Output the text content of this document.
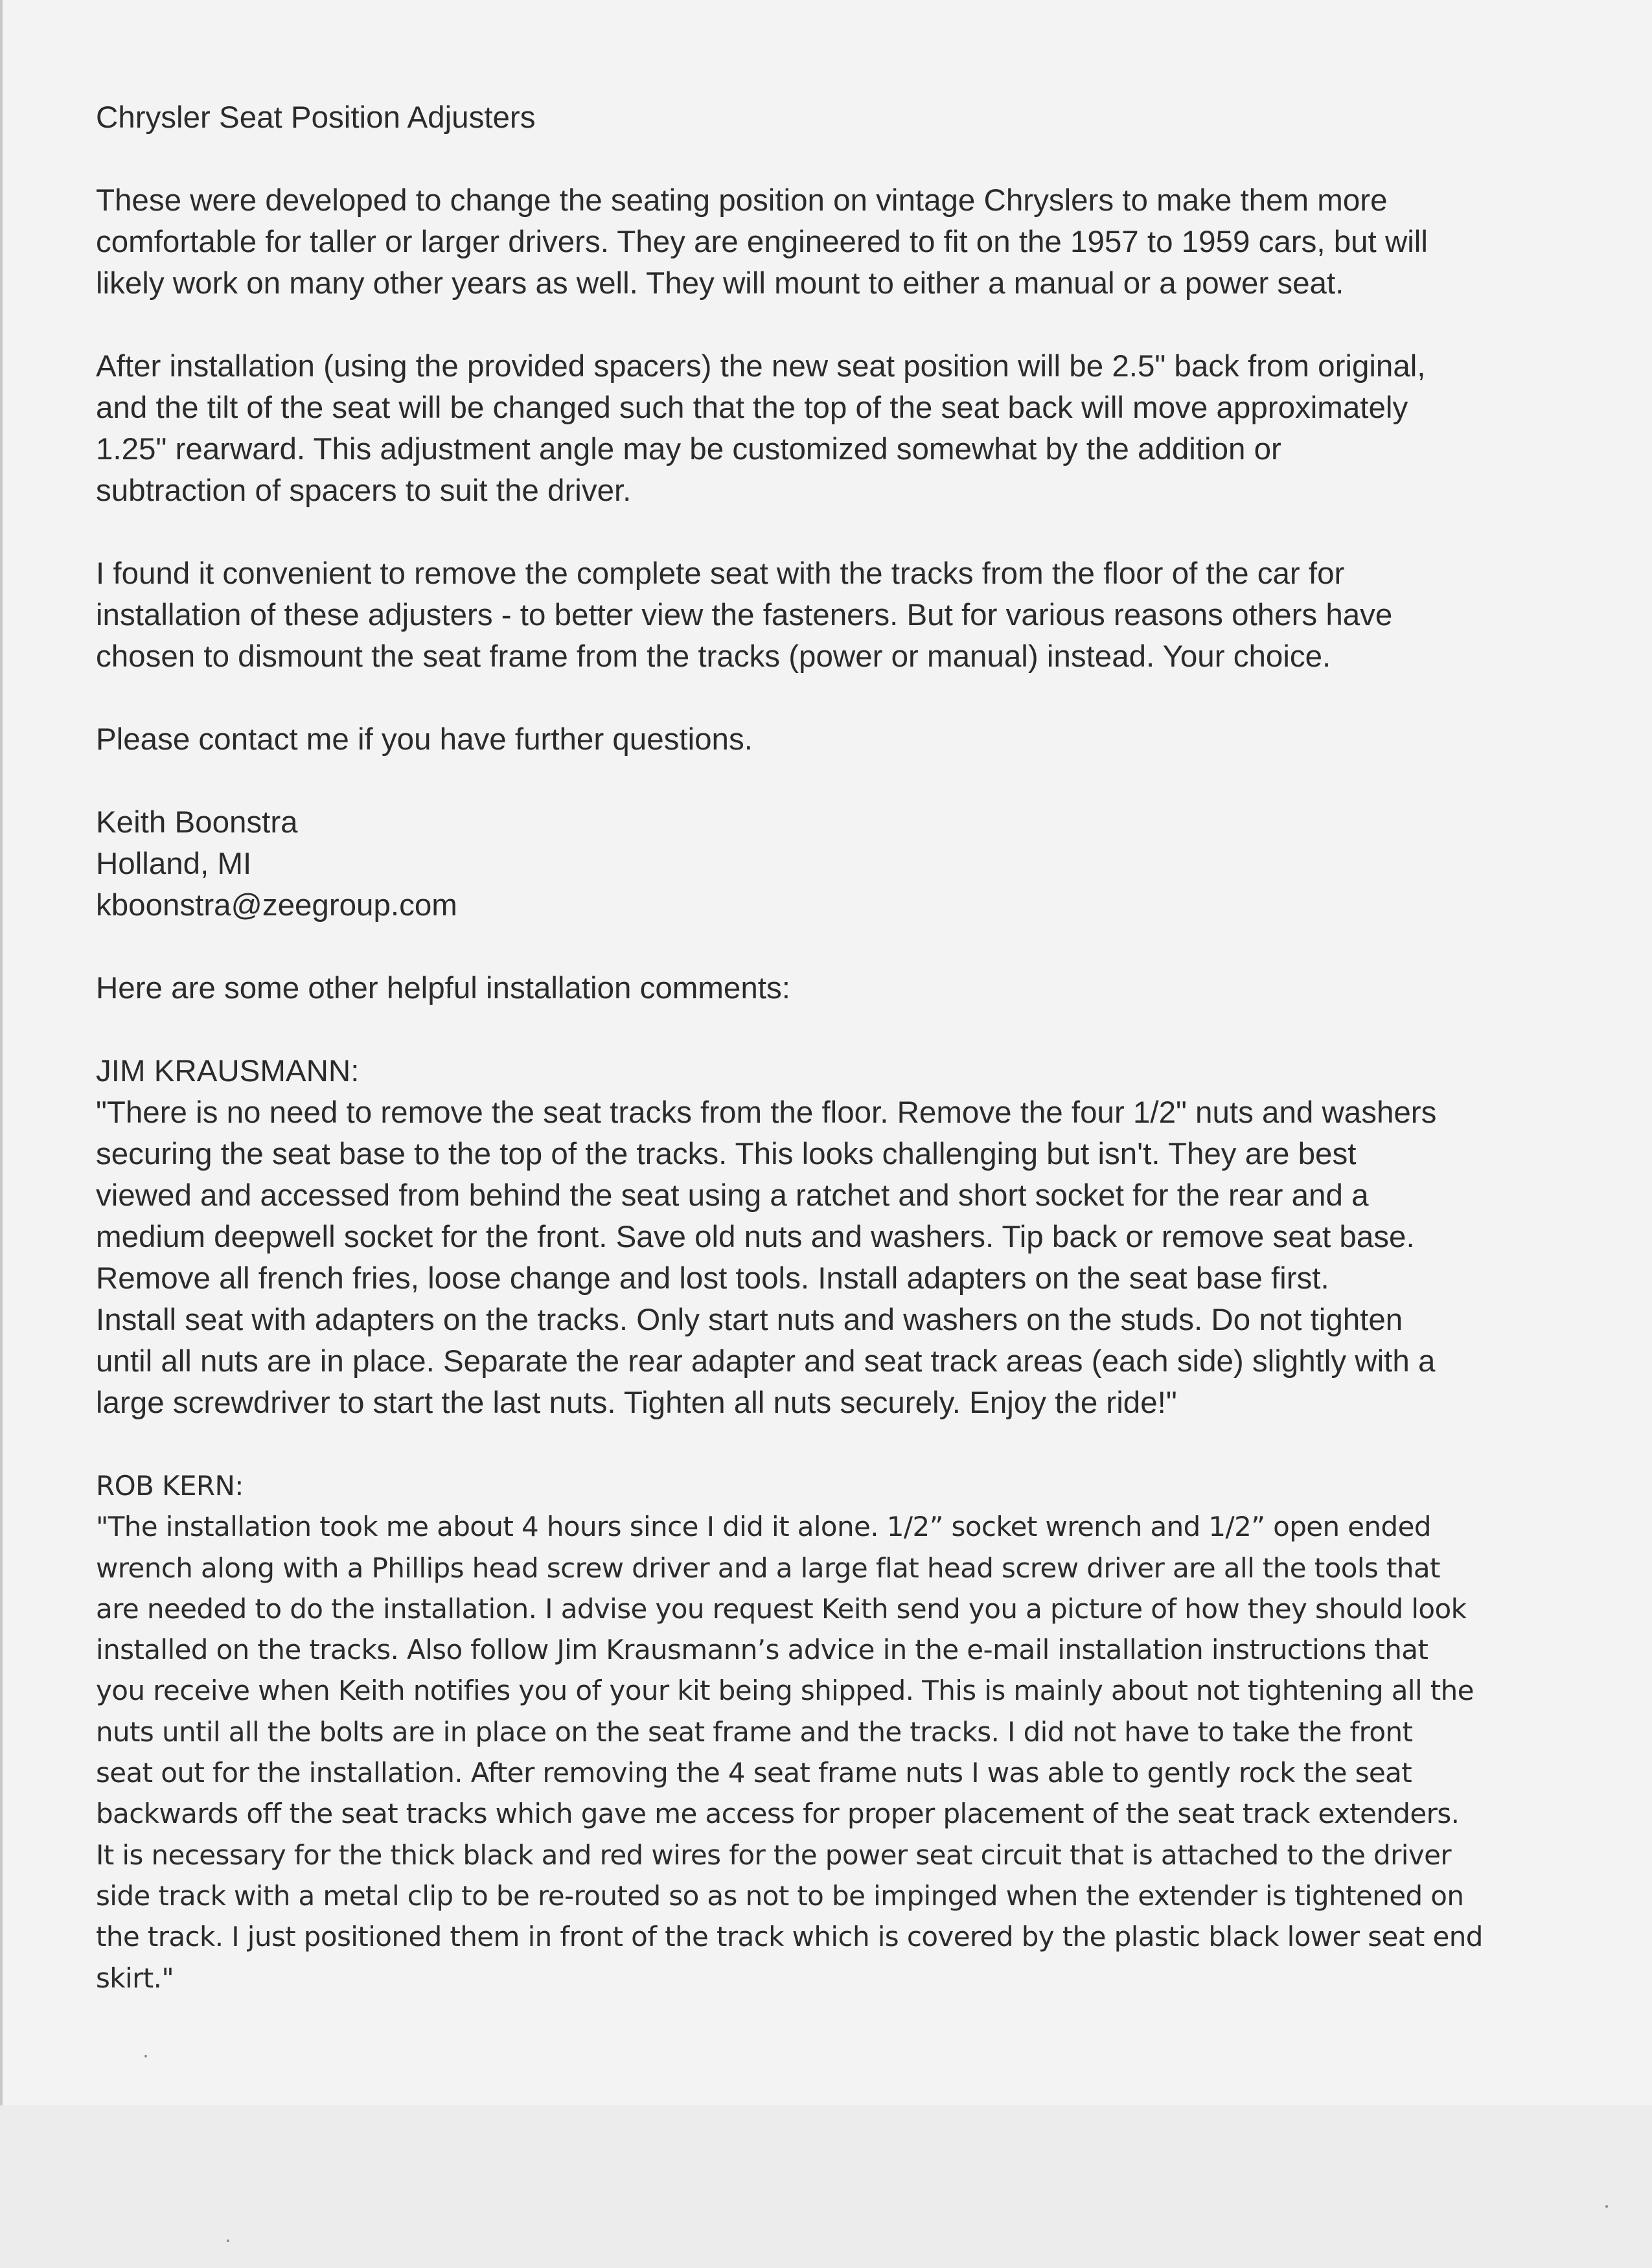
Chrysler Seat Position Adjusters
These were developed to change the seating position on vintage Chryslers to make them more
comfortable for taller or larger drivers. They are engineered to fit on the 1957 to 1959 cars, but will
likely work on many other years as well. They will mount to either a manual or a power seat.
After installation (using the provided spacers) the new seat position will be 2.5" back from original,
and the tilt of the seat will be changed such that the top of the seat back will move approximately
1.25" rearward. This adjustment angle may be customized somewhat by the addition or
subtraction of spacers to suit the driver.
I found it convenient to remove the complete seat with the tracks from the floor of the car for
installation of these adjusters - to better view the fasteners. But for various reasons others have
chosen to dismount the seat frame from the tracks (power or manual) instead. Your choice.
Please contact me if you have further questions.
Keith Boonstra
Holland, MI
kboonstra@zeegroup.com
Here are some other helpful installation comments:
JIM KRAUSMANN:
"There is no need to remove the seat tracks from the floor. Remove the four 1/2" nuts and washers
securing the seat base to the top of the tracks. This looks challenging but isn't. They are best
viewed and accessed from behind the seat using a ratchet and short socket for the rear and a
medium deepwell socket for the front. Save old nuts and washers. Tip back or remove seat base.
Remove all french fries, loose change and lost tools. Install adapters on the seat base first.
Install seat with adapters on the tracks. Only start nuts and washers on the studs. Do not tighten
until all nuts are in place. Separate the rear adapter and seat track areas (each side) slightly with a
large screwdriver to start the last nuts. Tighten all nuts securely. Enjoy the ride!"
ROB KERN:
"The installation took me about 4 hours since I did it alone. 1/2” socket wrench and 1/2” open ended
wrench along with a Phillips head screw driver and a large flat head screw driver are all the tools that
are needed to do the installation. I advise you request Keith send you a picture of how they should look
installed on the tracks. Also follow Jim Krausmann’s advice in the e-mail installation instructions that
you receive when Keith notifies you of your kit being shipped. This is mainly about not tightening all the
nuts until all the bolts are in place on the seat frame and the tracks. I did not have to take the front
seat out for the installation. After removing the 4 seat frame nuts I was able to gently rock the seat
backwards off the seat tracks which gave me access for proper placement of the seat track extenders.
It is necessary for the thick black and red wires for the power seat circuit that is attached to the driver
side track with a metal clip to be re-routed so as not to be impinged when the extender is tightened on
the track. I just positioned them in front of the track which is covered by the plastic black lower seat end
skirt."
